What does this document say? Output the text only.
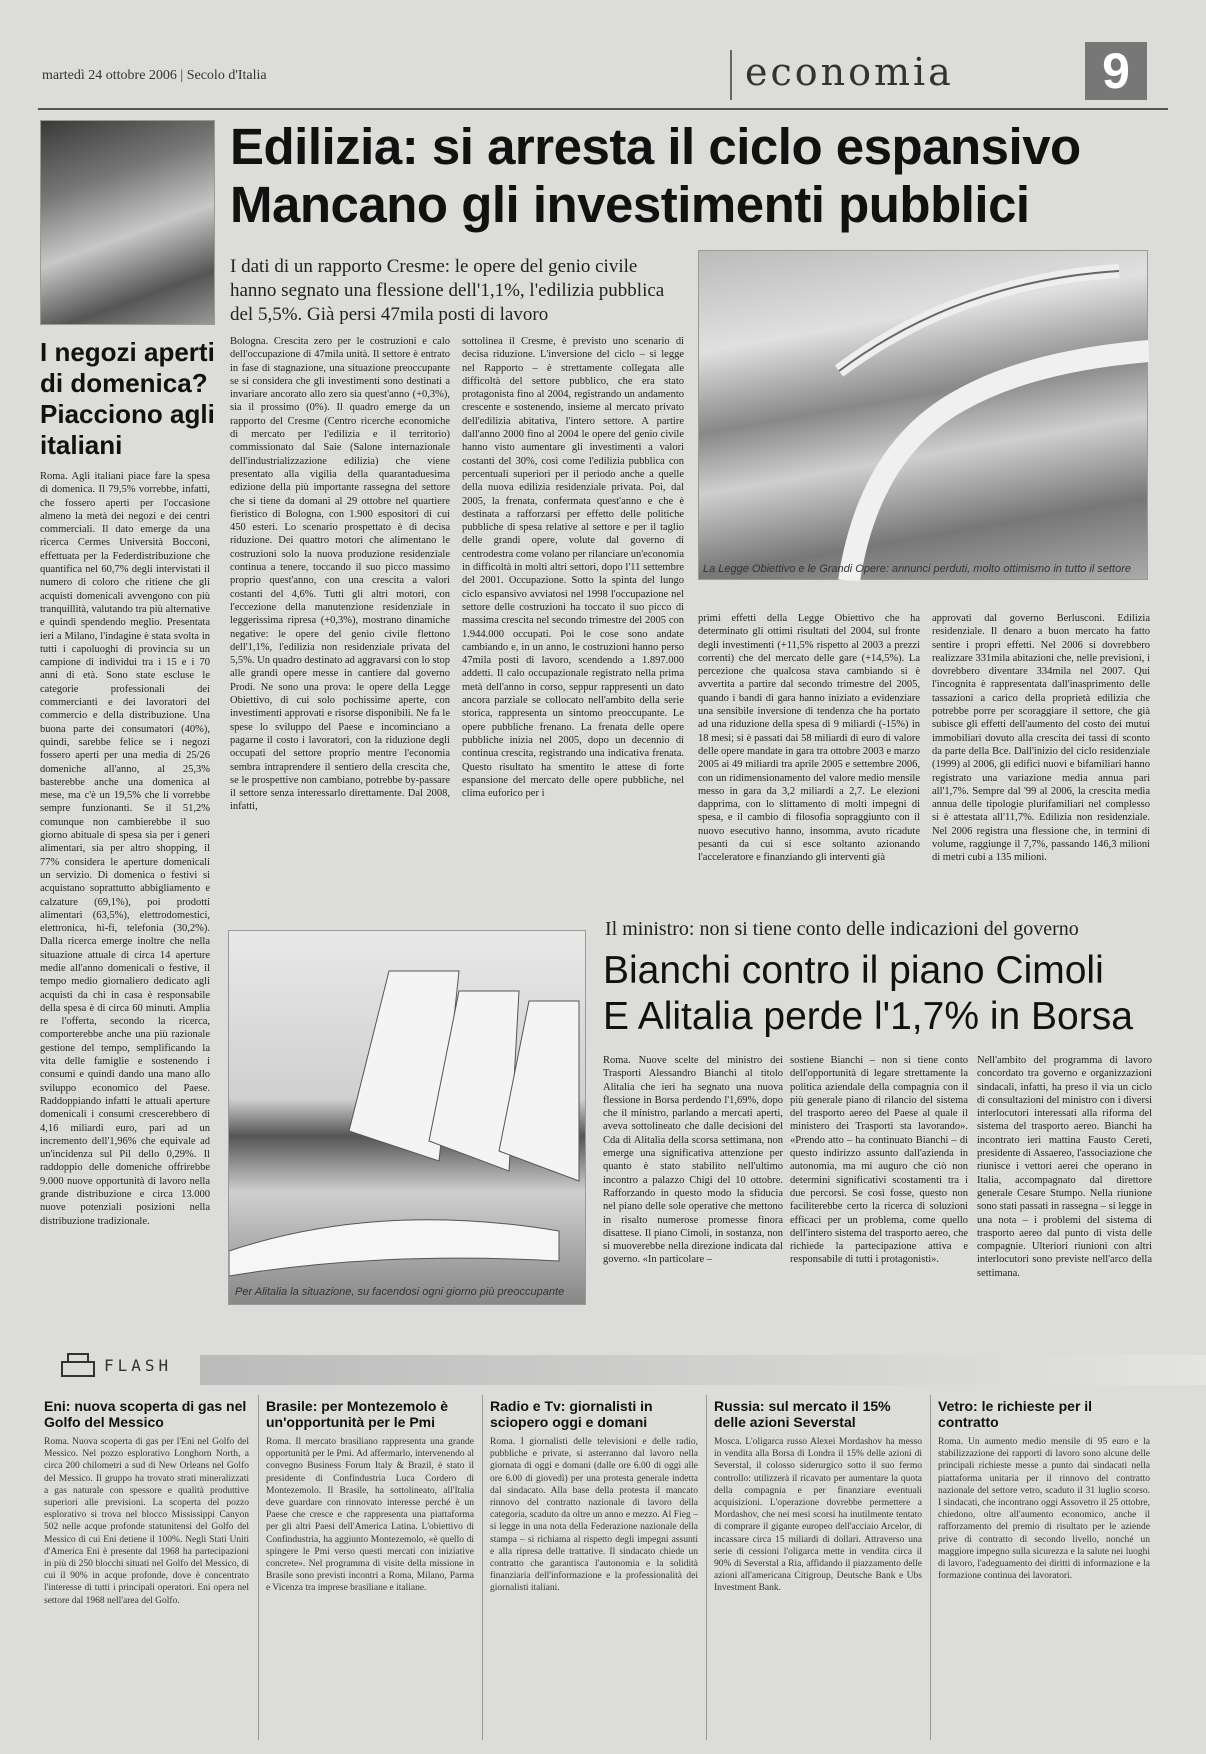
martedì 24 ottobre 2006 | Secolo d'Italia	economia	9
I negozi aperti di domenica? Piacciono agli italiani
Roma. Agli italiani piace fare la spesa di domenica. Il 79,5% vorrebbe, infatti, che fossero aperti per l'occasione almeno la metà dei negozi e dei centri commerciali. Il dato emerge da una ricerca Cermes Università Bocconi, effettuata per la Federdistribuzione che quantifica nel 60,7% degli intervistati il numero di coloro che ritiene che gli acquisti domenicali avvengono con più tranquillità, valutando tra più alternative e quindi spendendo meglio. Presentata ieri a Milano, l'indagine è stata svolta in tutti i capoluoghi di provincia su un campione di individui tra i 15 e i 70 anni di età. Sono state escluse le categorie professionali dei commercianti e dei lavoratori del commercio e della distribuzione. Una buona parte dei consumatori (40%), quindi, sarebbe felice se i negozi fossero aperti per una media di 25/26 domeniche all'anno, al 25,3% basterebbe anche una domenica al mese, ma c'è un 19,5% che li vorrebbe sempre funzionanti. Se il 51,2% comunque non cambierebbe il suo giorno abituale di spesa sia per i generi alimentari, sia per altro shopping, il 77% considera le aperture domenicali un servizio. Di domenica o festivi si acquistano soprattutto abbigliamento e calzature (69,1%), poi prodotti alimentari (63,5%), elettrodomestici, elettronica, hi-fi, telefonia (30,2%). Dalla ricerca emerge inoltre che nella situazione attuale di circa 14 aperture medie all'anno domenicali o festive, il tempo medio giornaliero dedicato agli acquisti da chi in casa è responsabile della spesa è di circa 60 minuti. Amplia re l'offerta, secondo la ricerca, comporterebbe anche una più razionale gestione del tempo, semplificando la vita delle famiglie e sostenendo i consumi e quindi dando una mano allo sviluppo economico del Paese. Raddoppiando infatti le attuali aperture domenicali i consumi crescerebbero di 4,16 miliardi euro, pari ad un incremento dell'1,96% che equivale ad un'incidenza sul Pil dello 0,29%. Il raddoppio delle domeniche offrirebbe 9.000 nuove opportunità di lavoro nella grande distribuzione e circa 13.000 nuove potenziali posizioni nella distribuzione tradizionale.
Edilizia: si arresta il ciclo espansivo
Mancano gli investimenti pubblici
I dati di un rapporto Cresme: le opere del genio civile hanno segnato una flessione dell'1,1%, l'edilizia pubblica del 5,5%. Già persi 47mila posti di lavoro
La Legge Obiettivo e le Grandi Opere: annunci perduti, molto ottimismo in tutto il settore
Bologna. Crescita zero per le costruzioni e calo dell'occupazione di 47mila unità. Il settore è entrato in fase di stagnazione, una situazione preoccupante se si considera che gli investimenti sono destinati a invariare ancorato allo zero sia quest'anno (+0,3%), sia il prossimo (0%). Il quadro emerge da un rapporto del Cresme (Centro ricerche economiche di mercato per l'edilizia e il territorio) commissionato dal Saie (Salone internazionale dell'industrializzazione edilizia) che viene presentato alla vigilia della quarantaduesima edizione della più importante rassegna del settore che si tiene da domani al 29 ottobre nel quartiere fieristico di Bologna, con 1.900 espositori di cui 450 esteri. Lo scenario prospettato è di decisa riduzione. Dei quattro motori che alimentano le costruzioni solo la nuova produzione residenziale continua a tenere, toccando il suo picco massimo proprio quest'anno, con una crescita a valori costanti del 4,6%. Tutti gli altri motori, con l'eccezione della manutenzione residenziale in leggerissima ripresa (+0,3%), mostrano dinamiche negative: le opere del genio civile flettono dell'1,1%, l'edilizia non residenziale privata del 5,5%. Un quadro destinato ad aggravarsi con lo stop alle grandi opere messe in cantiere dal governo Prodi. Ne sono una prova: le opere della Legge Obiettivo, di cui solo pochissime aperte, con investimenti approvati e risorse disponibili. Ne fa le spese lo sviluppo del Paese e incominciano a pagarne il costo i lavoratori, con la riduzione degli occupati del settore proprio mentre l'economia sembra intraprendere il sentiero della crescita che, se le prospettive non cambiano, potrebbe by-passare il settore senza interessarlo direttamente. Dal 2008, infatti,
sottolinea il Cresme, è previsto uno scenario di decisa riduzione. L'inversione del ciclo – si legge nel Rapporto – è strettamente collegata alle difficoltà del settore pubblico, che era stato protagonista fino al 2004, registrando un andamento crescente e sostenendo, insieme al mercato privato dell'edilizia abitativa, l'intero settore. A partire dall'anno 2000 fino al 2004 le opere del genio civile hanno visto aumentare gli investimenti a valori costanti del 30%, così come l'edilizia pubblica con percentuali superiori per il periodo anche a quelle della nuova edilizia residenziale privata. Poi, dal 2005, la frenata, confermata quest'anno e che è destinata a rafforzarsi per effetto delle politiche pubbliche di spesa relative al settore e per il taglio delle grandi opere, volute dal governo di centrodestra come volano per rilanciare un'economia in difficoltà in molti altri settori, dopo l'11 settembre del 2001. Occupazione. Sotto la spinta del lungo ciclo espansivo avviatosi nel 1998 l'occupazione nel settore delle costruzioni ha toccato il suo picco di massima crescita nel secondo trimestre del 2005 con 1.944.000 occupati. Poi le cose sono andate cambiando e, in un anno, le costruzioni hanno perso 47mila posti di lavoro, scendendo a 1.897.000 addetti. Il calo occupazionale registrato nella prima metà dell'anno in corso, seppur rappresenti un dato ancora parziale se collocato nell'ambito della serie storica, rappresenta un sintomo preoccupante. Le opere pubbliche frenano. La frenata delle opere pubbliche inizia nel 2005, dopo un decennio di continua crescita, registrando una indicativa frenata. Questo risultato ha smentito le attese di forte espansione del mercato delle opere pubbliche, nel clima euforico per i
primi effetti della Legge Obiettivo che ha determinato gli ottimi risultati del 2004, sul fronte degli investimenti (+11,5% rispetto al 2003 a prezzi correnti) che del mercato delle gare (+14,5%). La percezione che qualcosa stava cambiando si è avvertita a partire dal secondo trimestre del 2005, quando i bandi di gara hanno iniziato a evidenziare una sensibile inversione di tendenza che ha portato ad una riduzione della spesa di 9 miliardi (-15%) in 18 mesi; si è passati dai 58 miliardi di euro di valore delle opere mandate in gara tra ottobre 2003 e marzo 2005 ai 49 miliardi tra aprile 2005 e settembre 2006, con un ridimensionamento del valore medio mensile messo in gara da 3,2 miliardi a 2,7. Le elezioni dapprima, con lo slittamento di molti impegni di spesa, e il cambio di filosofia sopraggiunto con il nuovo esecutivo hanno, insomma, avuto ricadute pesanti da cui si esce soltanto azionando l'acceleratore e finanziando gli interventi già
approvati dal governo Berlusconi. Edilizia residenziale. Il denaro a buon mercato ha fatto sentire i propri effetti. Nel 2006 si dovrebbero realizzare 331mila abitazioni che, nelle previsioni, i dovrebbero diventare 334mila nel 2007. Qui l'incognita è rappresentata dall'inasprimento delle tassazioni a carico della proprietà edilizia che potrebbe porre per scoraggiare il settore, che già subisce gli effetti dell'aumento del costo dei mutui immobiliari dovuto alla crescita dei tassi di sconto da parte della Bce. Dall'inizio del ciclo residenziale (1999) al 2006, gli edifici nuovi e bifamiliari hanno registrato una variazione media annua pari all'1,7%. Sempre dal '99 al 2006, la crescita media annua delle tipologie plurifamiliari nel complesso si è attestata all'11,7%. Edilizia non residenziale. Nel 2006 registra una flessione che, in termini di volume, raggiunge il 7,7%, passando 146,3 milioni di metri cubi a 135 milioni.
Per Alitalia la situazione, su facendosi ogni giorno più preoccupante
Il ministro: non si tiene conto delle indicazioni del governo
Bianchi contro il piano Cimoli
E Alitalia perde l'1,7% in Borsa
Roma. Nuove scelte del ministro dei Trasporti Alessandro Bianchi al titolo Alitalia che ieri ha segnato una nuova flessione in Borsa perdendo l'1,69%, dopo che il ministro, parlando a mercati aperti, aveva sottolineato che dalle decisioni del Cda di Alitalia della scorsa settimana, non emerge una significativa attenzione per quanto è stato stabilito nell'ultimo incontro a palazzo Chigi del 10 ottobre. Rafforzando in questo modo la sfiducia nel piano delle sole operative che mettono in risalto numerose promesse finora disattese. Il piano Cimoli, in sostanza, non si muoverebbe nella direzione indicata dal governo. «In particolare –
sostiene Bianchi – non si tiene conto dell'opportunità di legare strettamente la politica aziendale della compagnia con il più generale piano di rilancio del sistema del trasporto aereo del Paese al quale il ministero dei Trasporti sta lavorando». «Prendo atto – ha continuato Bianchi – di questo indirizzo assunto dall'azienda in autonomia, ma mi auguro che ciò non determini significativi scostamenti tra i due percorsi. Se così fosse, questo non faciliterebbe certo la ricerca di soluzioni efficaci per un problema, come quello dell'intero sistema del trasporto aereo, che richiede la partecipazione attiva e responsabile di tutti i protagonisti».
Nell'ambito del programma di lavoro concordato tra governo e organizzazioni sindacali, infatti, ha preso il via un ciclo di consultazioni del ministro con i diversi interlocutori interessati alla riforma del sistema del trasporto aereo. Bianchi ha incontrato ieri mattina Fausto Cereti, presidente di Assaereo, l'associazione che riunisce i vettori aerei che operano in Italia, accompagnato dal direttore generale Cesare Stumpo. Nella riunione sono stati passati in rassegna – si legge in una nota – i problemi del sistema di trasporto aereo dal punto di vista delle compagnie. Ulteriori riunioni con altri interlocutori sono previste nell'arco della settimana.
FLASH
Eni: nuova scoperta di gas nel Golfo del Messico
Roma. Nuova scoperta di gas per l'Eni nel Golfo del Messico. Nel pozzo esplorativo Longhorn North, a circa 200 chilometri a sud di New Orleans nel Golfo del Messico. Il gruppo ha trovato strati mineralizzati a gas naturale con spessore e qualità produttive superiori alle previsioni. La scoperta del pozzo esplorativo si trova nel blocco Mississippi Canyon 502 nelle acque profonde statunitensi del Golfo del Messico di cui Eni detiene il 100%. Negli Stati Uniti d'America Eni è presente dal 1968 ha partecipazioni in più di 250 blocchi situati nel Golfo del Messico, di cui il 90% in acque profonde, dove è concentrato l'interesse di tutti i principali operatori. Eni opera nel settore dal 1968 nell'area del Golfo.
Brasile: per Montezemolo è un'opportunità per le Pmi
Roma. Il mercato brasiliano rappresenta una grande opportunità per le Pmi. Ad affermarlo, intervenendo al convegno Business Forum Italy & Brazil, è stato il presidente di Confindustria Luca Cordero di Montezemolo. Il Brasile, ha sottolineato, all'Italia deve guardare con rinnovato interesse perché è un Paese che cresce e che rappresenta una piattaforma per gli altri Paesi dell'America Latina. L'obiettivo di Confindustria, ha aggiunto Montezemolo, «è quello di spingere le Pmi verso questi mercati con iniziative concrete». Nel programma di visite della missione in Brasile sono previsti incontri a Roma, Milano, Parma e Vicenza tra imprese brasiliane e italiane.
Radio e Tv: giornalisti in sciopero oggi e domani
Roma. I giornalisti delle televisioni e delle radio, pubbliche e private, si asterranno dal lavoro nella giornata di oggi e domani (dalle ore 6.00 di oggi alle ore 6.00 di giovedì) per una protesta generale indetta dal sindacato. Alla base della protesta il mancato rinnovo del contratto nazionale di lavoro della categoria, scaduto da oltre un anno e mezzo. Al Fieg – si legge in una nota della Federazione nazionale della stampa – si richiama al rispetto degli impegni assunti e alla ripresa delle trattative. Il sindacato chiede un contratto che garantisca l'autonomia e la solidità finanziaria dell'informazione e la professionalità dei giornalisti italiani.
Russia: sul mercato il 15% delle azioni Severstal
Mosca. L'oligarca russo Alexei Mordashov ha messo in vendita alla Borsa di Londra il 15% delle azioni di Severstal, il colosso siderurgico sotto il suo fermo controllo: utilizzerà il ricavato per aumentare la quota della compagnia e per finanziare eventuali acquisizioni. L'operazione dovrebbe permettere a Mordashov, che nei mesi scorsi ha inutilmente tentato di comprare il gigante europeo dell'acciaio Arcelor, di incassare circa 15 miliardi di dollari. Attraverso una serie di cessioni l'oligarca mette in vendita circa il 90% di Severstal a Ria, affidando il piazzamento delle azioni all'americana Citigroup, Deutsche Bank e Ubs Investment Bank.
Vetro: le richieste per il contratto
Roma. Un aumento medio mensile di 95 euro e la stabilizzazione dei rapporti di lavoro sono alcune delle principali richieste messe a punto dai sindacati nella piattaforma unitaria per il rinnovo del contratto nazionale del settore vetro, scaduto il 31 luglio scorso. I sindacati, che incontrano oggi Assovetro il 25 ottobre, chiedono, oltre all'aumento economico, anche il rafforzamento del premio di risultato per le aziende prive di contratto di secondo livello, nonché un maggiore impegno sulla sicurezza e la salute nei luoghi di lavoro, l'adeguamento dei diritti di informazione e la formazione continua dei lavoratori.
